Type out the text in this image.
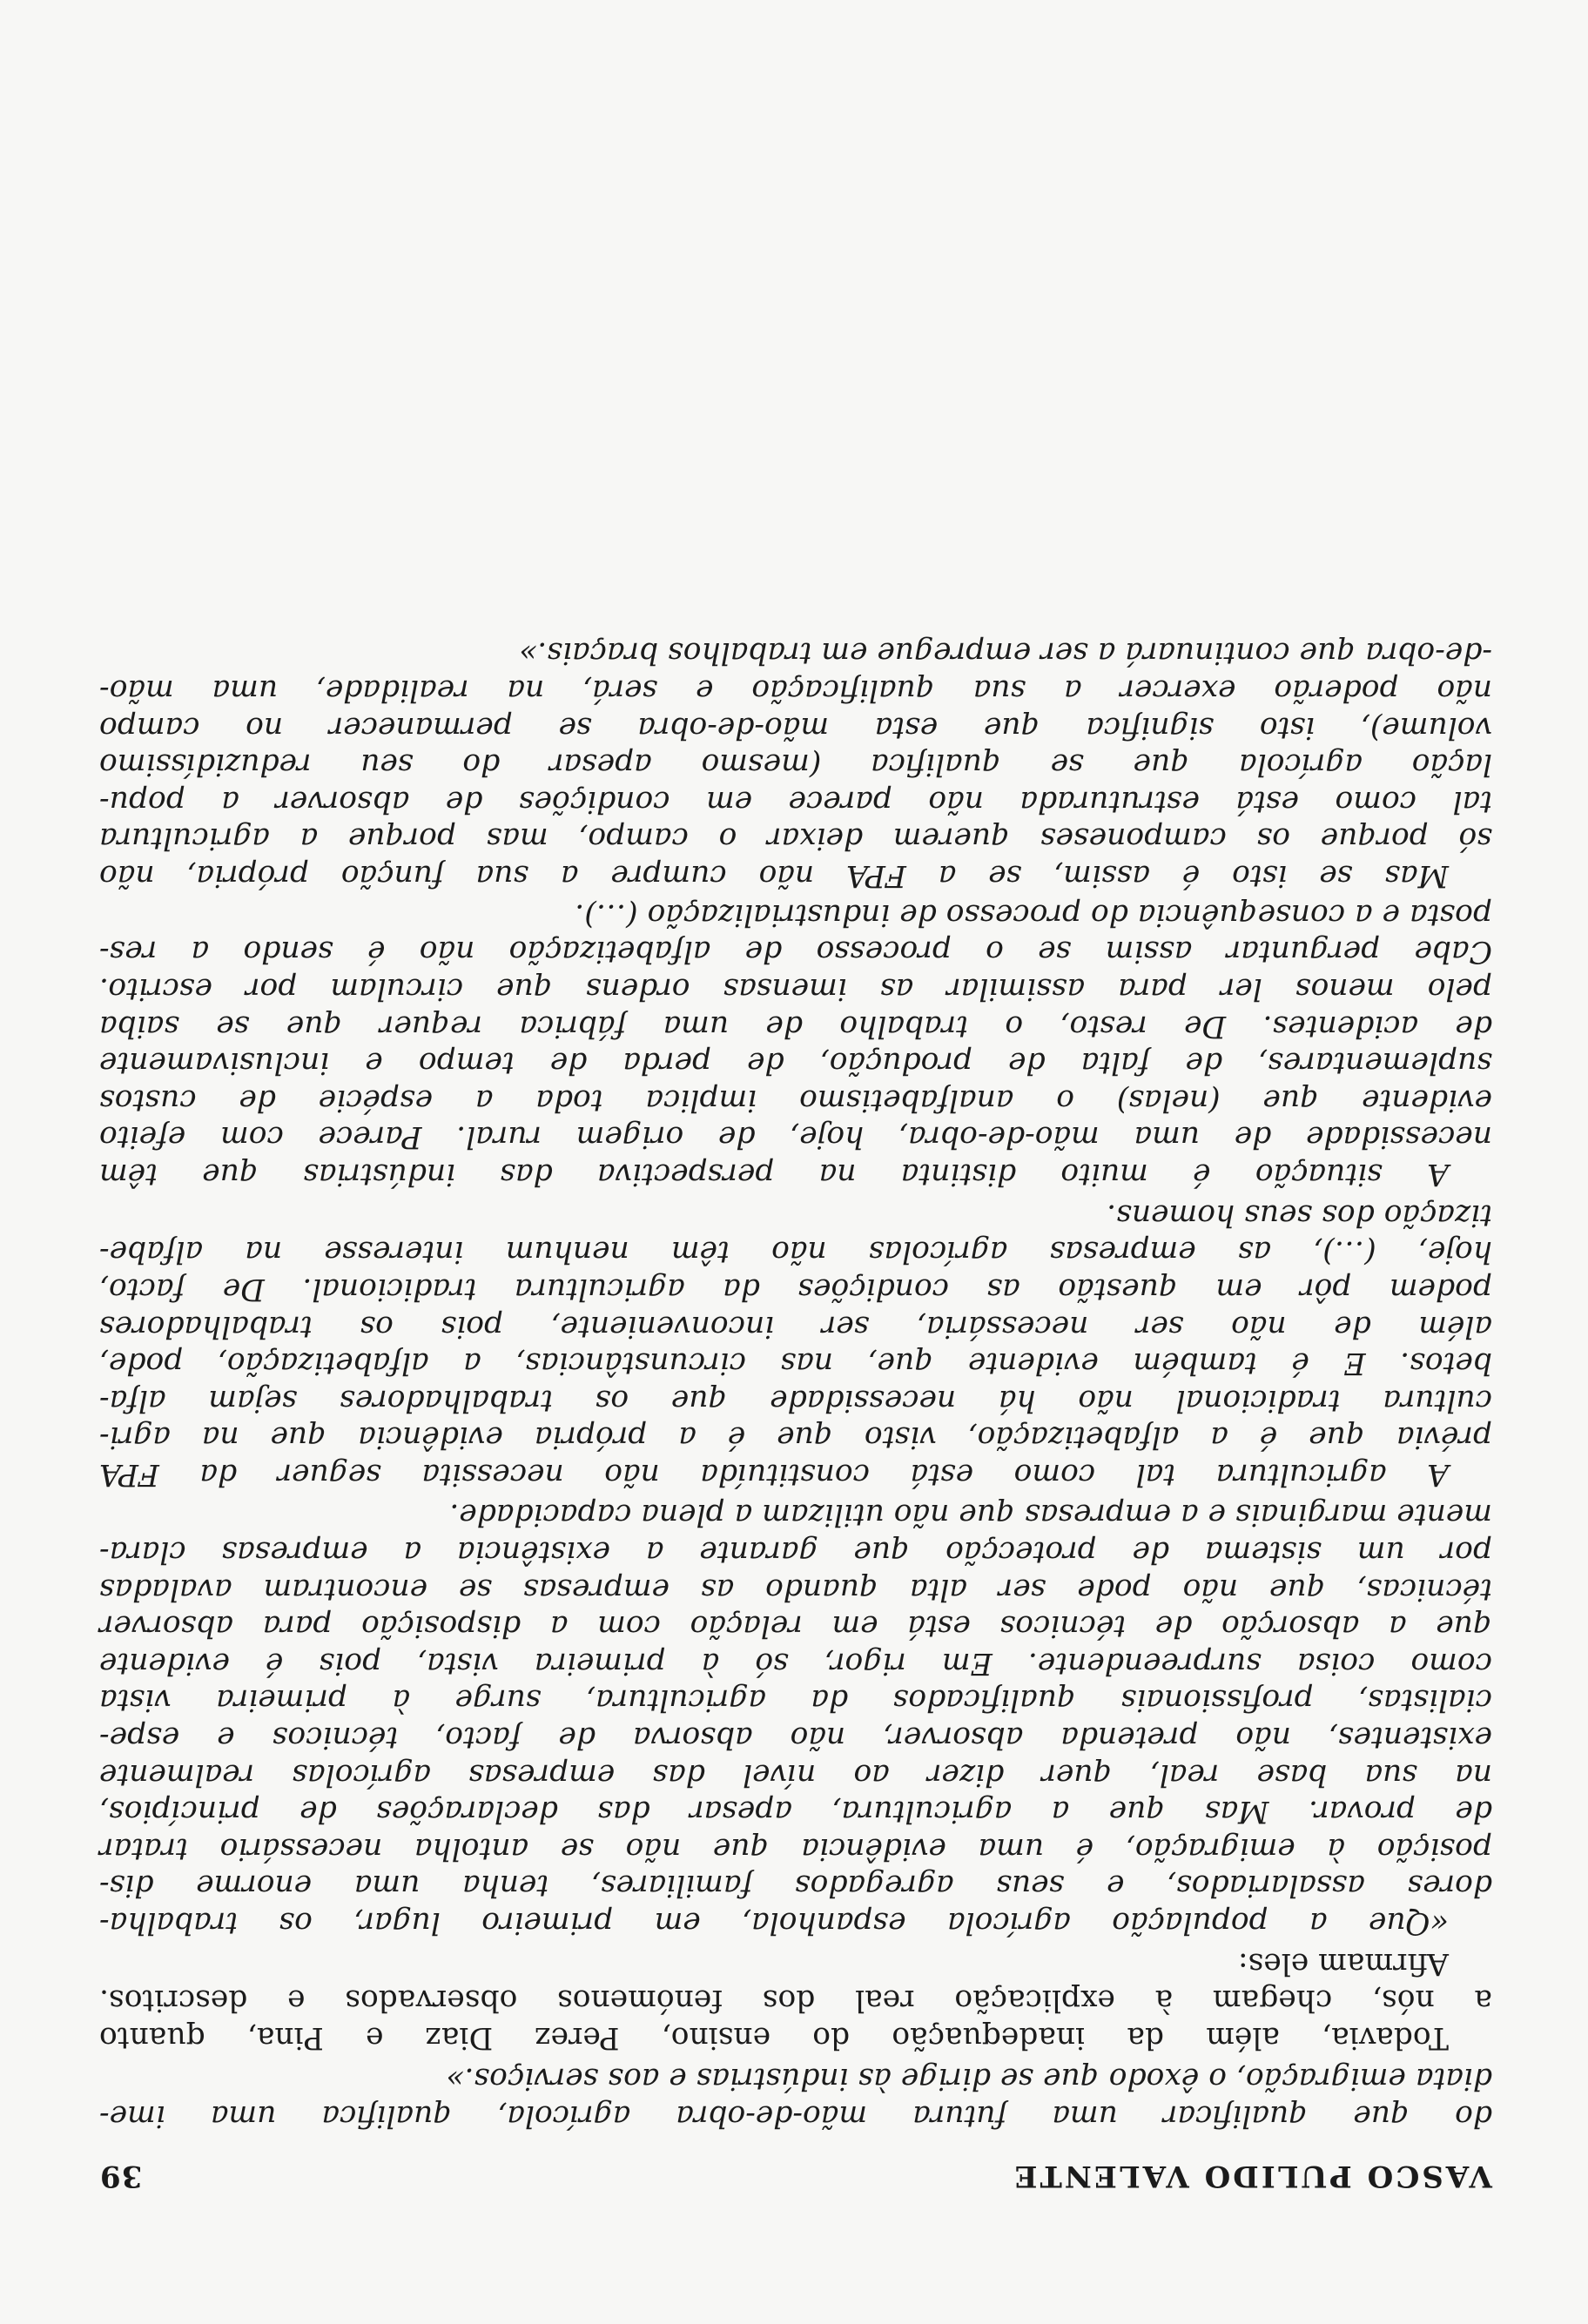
VASCO PULIDO VALENTE
39
do que qualificar uma futura mão-de-obra agrícola, qualifica uma ime-
diata emigração, o êxodo que se dirige às indústrias e aos serviços.»
Todavia, além da inadequação do ensino, Perez Diaz e Pina, quanto
a nós, chegam à explicação real dos fenómenos observados e descritos.
Afirmam eles:
«Que a população agrícola espanhola, em primeiro lugar, os trabalha-
dores assalariados, e seus agregados familiares, tenha uma enorme dis-
posição à emigração, é uma evidência que não se antolha necessário tratar
de provar. Mas que a agricultura, apesar das declarações de princípios,
na sua base real, quer dizer ao nível das empresas agrícolas realmente
existentes, não pretenda absorver, não absorva de facto, técnicos e espe-
cialistas, profissionais qualificados da agricultura, surge à primeira vista
como coisa surpreendente. Em rigor, só à primeira vista, pois é evidente
que a absorção de técnicos está em relação com a disposição para absorver
técnicas, que não pode ser alta quando as empresas se encontram avaladas
por um sistema de protecção que garante a existência a empresas clara-
mente marginais e a empresas que não utilizam a plena capacidade.
A agricultura tal como está constituída não necessita seguer da FPA
prévia que é a alfabetização, visto que é a própria evidência que na agri-
cultura tradicional não há necessidade que os trabalhadores sejam alfa-
betos. E é também evidente que, nas circunstâncias, a alfabetização, pode,
além de não ser necessária, ser inconveniente, pois os trabalhadores
podem pôr em questão as condições da agricultura tradicional. De facto,
hoje, (…), as empresas agrícolas não têm nenhum interesse na alfabe-
tização dos seus homens.
A situação é muito distinta na perspectiva das indústrias que têm
necessidade de uma mão-de-obra, hoje, de origem rural. Parece com efeito
evidente que (nelas) o analfabetismo implica toda a espécie de custos
suplementares, de falta de produção, de perda de tempo e inclusivamente
de acidentes. De resto, o trabalho de uma fábrica requer que se saiba
pelo menos ler para assimilar as imensas ordens que circulam por escrito.
Cabe perguntar assim se o processo de alfabetização não é sendo a res-
posta e a consequência do processo de industrialização (…).
Mas se isto é assim, se a FPA não cumpre a sua função própria, não
só porque os camponeses querem deixar o campo, mas porque a agricultura
tal como está estruturada não parece em condições de absorver a popu-
lação agrícola que se qualifica (mesmo apesar do seu reduzidíssimo
volume), isto significa que esta mão-de-obra se permanecer no campo
não poderão exercer a sua qualificação e será, na realidade, uma mão-
-de-obra que continuará a ser empregue em trabalhos braçais.»
